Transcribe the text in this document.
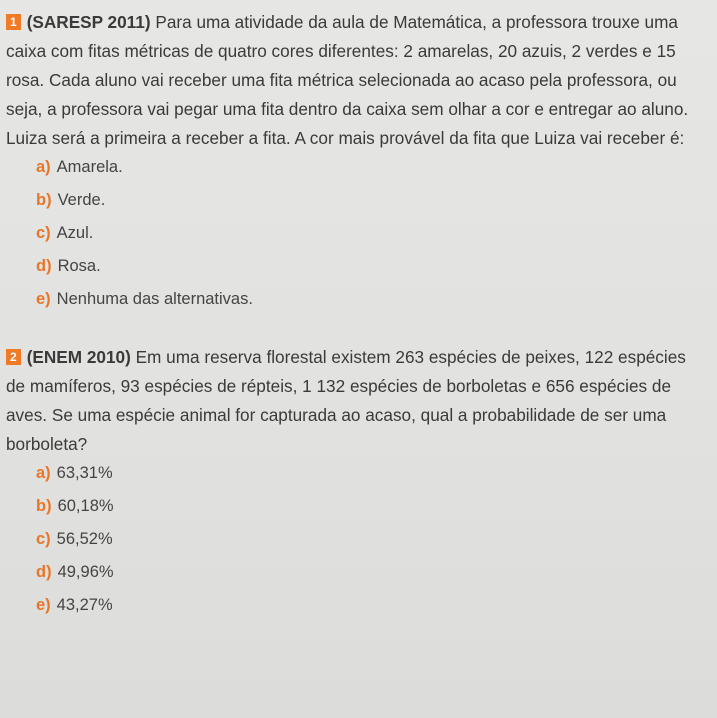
1 (SARESP 2011) Para uma atividade da aula de Matemática, a professora trouxe uma caixa com fitas métricas de quatro cores diferentes: 2 amarelas, 20 azuis, 2 verdes e 15 rosa. Cada aluno vai receber uma fita métrica selecionada ao acaso pela professora, ou seja, a professora vai pegar uma fita dentro da caixa sem olhar a cor e entregar ao aluno. Luiza será a primeira a receber a fita. A cor mais provável da fita que Luiza vai receber é:

a) Amarela.
b) Verde.
c) Azul.
d) Rosa.
e) Nenhuma das alternativas.

2 (ENEM 2010) Em uma reserva florestal existem 263 espécies de peixes, 122 espécies de mamíferos, 93 espécies de répteis, 1 132 espécies de borboletas e 656 espécies de aves. Se uma espécie animal for capturada ao acaso, qual a probabilidade de ser uma borboleta?

a) 63,31%
b) 60,18%
c) 56,52%
d) 49,96%
e) 43,27%
